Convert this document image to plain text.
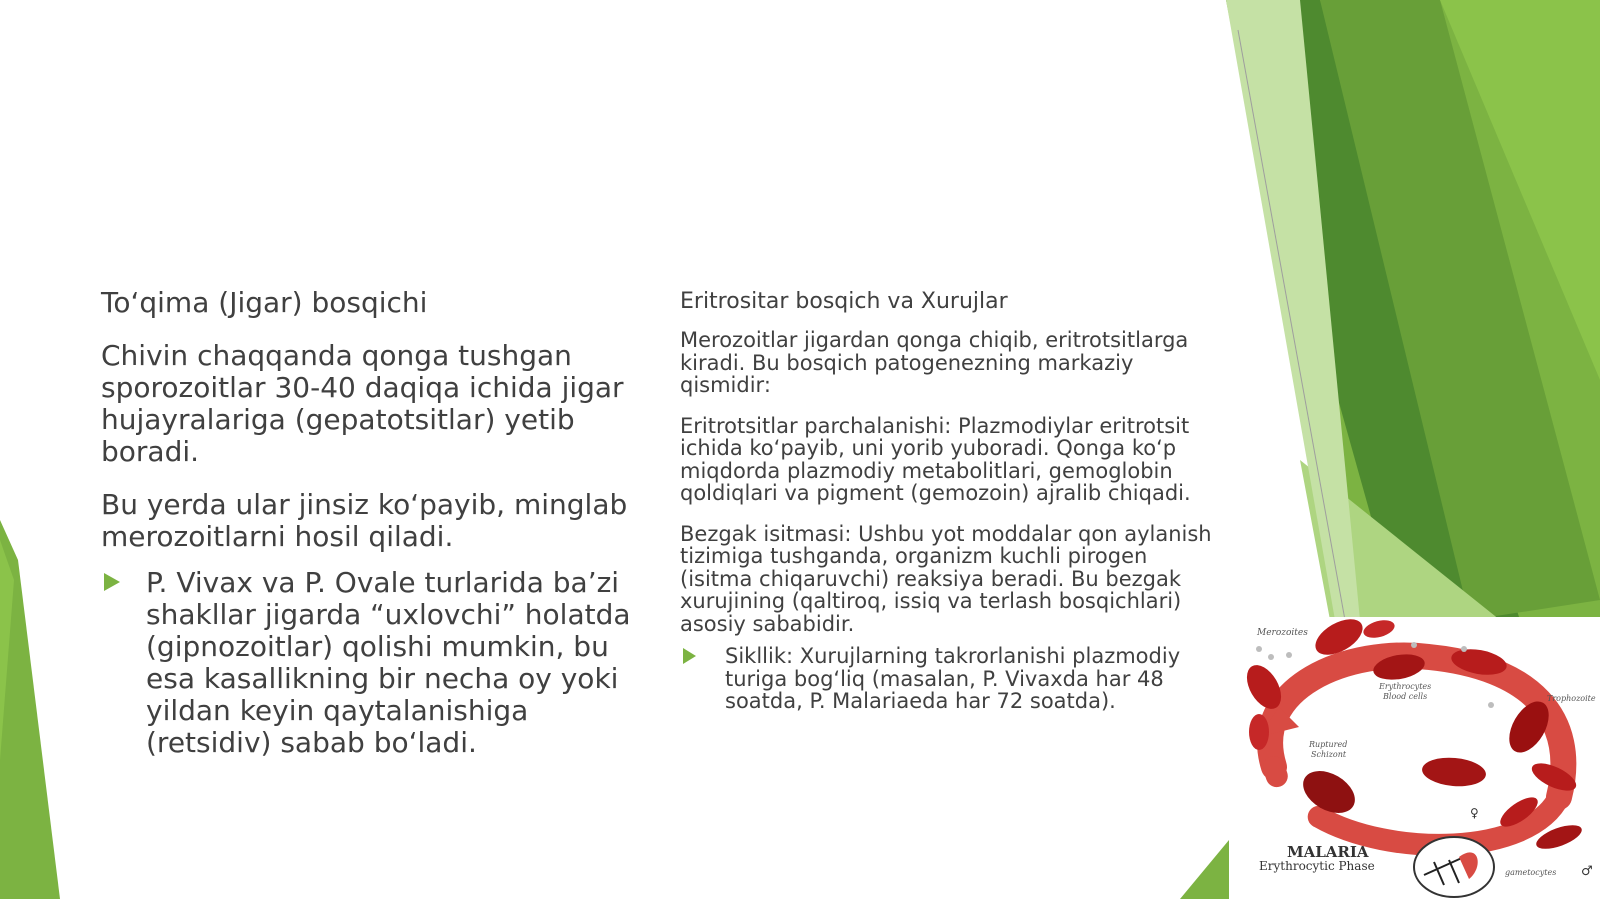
To‘qima (Jigar) bosqichi
Chivin chaqqanda qonga tushgan sporozoitlar 30-40 daqiqa ichida jigar hujayralariga (gepatotsitlar) yetib boradi.
Bu yerda ular jinsiz ko‘payib, minglab merozoitlarni hosil qiladi.
P. Vivax va P. Ovale turlarida ba’zi shakllar jigarda “uxlovchi” holatda (gipnozoitlar) qolishi mumkin, bu esa kasallikning bir necha oy yoki yildan keyin qaytalanishiga (retsidiv) sabab bo‘ladi.
Eritrositar bosqich va Xurujlar
Merozoitlar jigardan qonga chiqib, eritrotsitlarga kiradi. Bu bosqich patogenezning markaziy qismidir:
Eritrotsitlar parchalanishi: Plazmodiylar eritrotsit ichida ko‘payib, uni yorib yuboradi. Qonga ko‘p miqdorda plazmodiy metabolitlari, gemoglobin qoldiqlari va pigment (gemozoin) ajralib chiqadi.
Bezgak isitmasi: Ushbu yot moddalar qon aylanish tizimiga tushganda, organizm kuchli pirogen (isitma chiqaruvchi) reaksiya beradi. Bu bezgak xurujining (qaltiroq, issiq va terlash bosqichlari) asosiy sababidir.
Sikllik: Xurujlarning takrorlanishi plazmodiy turiga bog‘liq (masalan, P. Vivaxda har 48 soatda, P. Malariaeda har 72 soatda).
♀
♂
Merozoites
Erythrocytes
Blood cells	Trophozoite
Ruptured
Schizont
gametocytes
MALARIA
Erythrocytic Phase
